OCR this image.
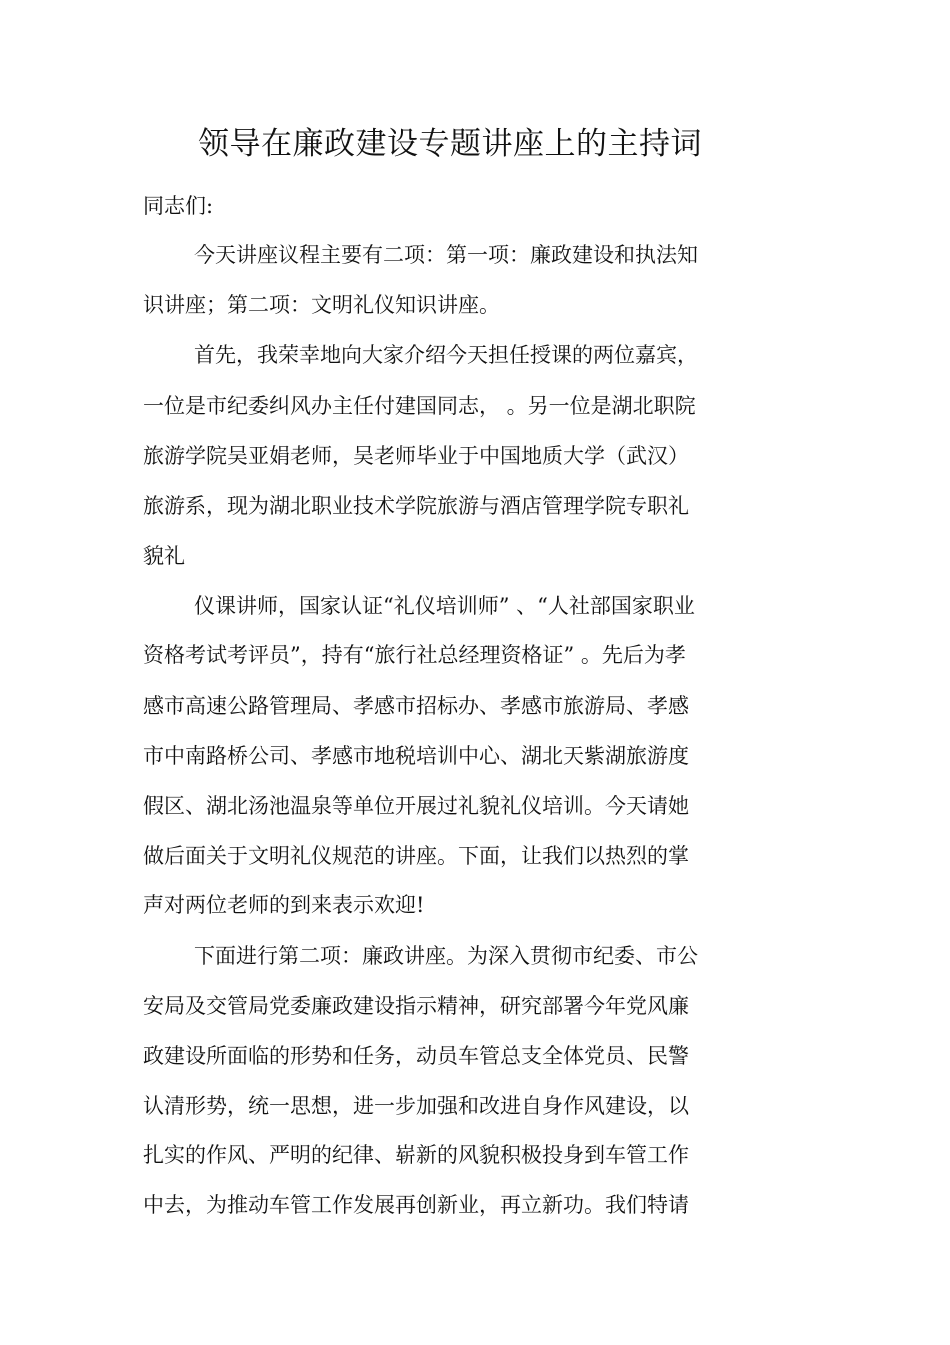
领导在廉政建设专题讲座上的主持词
同志们:
今天讲座议程主要有二项：第一项：廉政建设和执法知
识讲座；第二项：文明礼仪知识讲座。
首先，我荣幸地向大家介绍今天担任授课的两位嘉宾，
一位是市纪委纠风办主任付建国同志， 。另一位是湖北职院
旅游学院吴亚娟老师，吴老师毕业于中国地质大学（武汉）
旅游系，现为湖北职业技术学院旅游与酒店管理学院专职礼
貌礼
仪课讲师，国家认证“礼仪培训师” 、“人社部国家职业
资格考试考评员”，持有“旅行社总经理资格证” 。先后为孝
感市高速公路管理局、孝感市招标办、孝感市旅游局、孝感
市中南路桥公司、孝感市地税培训中心、湖北天紫湖旅游度
假区、湖北汤池温泉等单位开展过礼貌礼仪培训。今天请她
做后面关于文明礼仪规范的讲座。下面，让我们以热烈的掌
声对两位老师的到来表示欢迎!
下面进行第二项：廉政讲座。为深入贯彻市纪委、市公
安局及交管局党委廉政建设指示精神，研究部署今年党风廉
政建设所面临的形势和任务，动员车管总支全体党员、民警
认清形势，统一思想，进一步加强和改进自身作风建设，以
扎实的作风、严明的纪律、崭新的风貌积极投身到车管工作
中去，为推动车管工作发展再创新业，再立新功。我们特请
